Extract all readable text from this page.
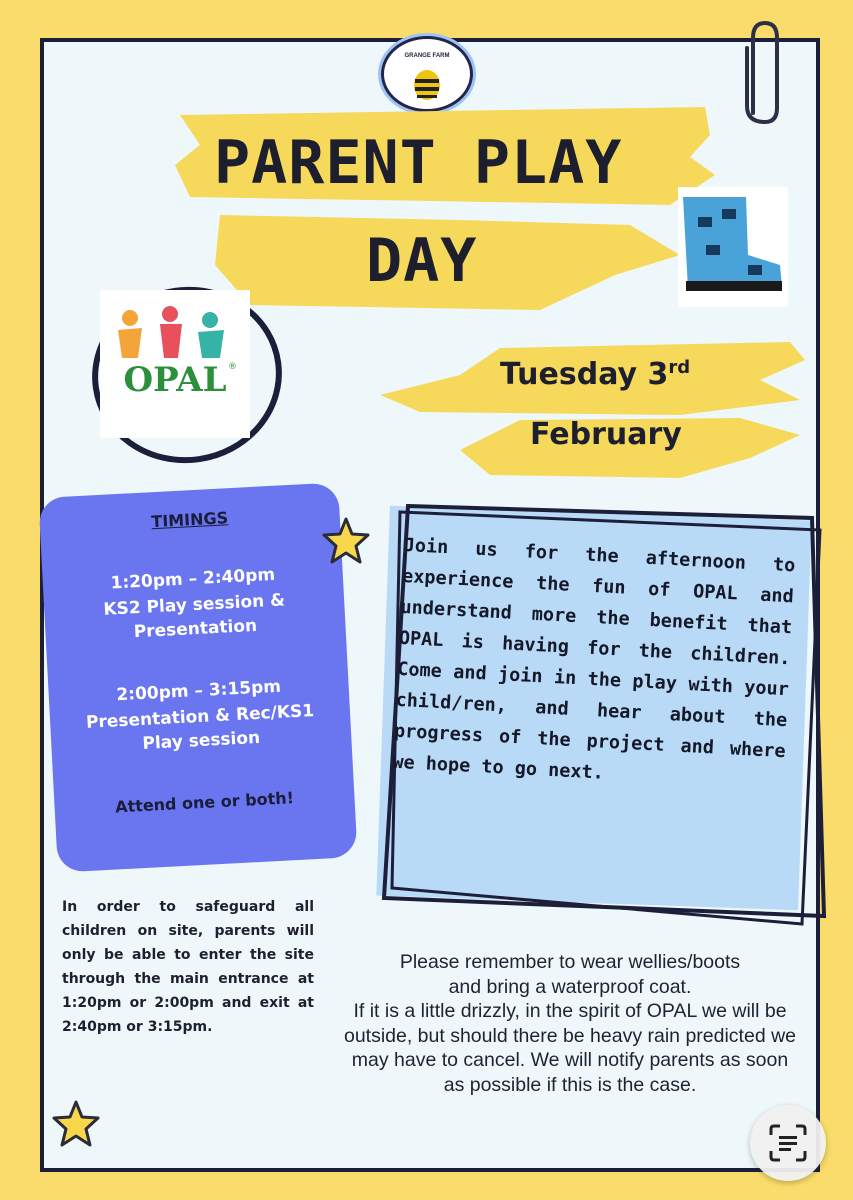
GRANGE FARM
PARENT PLAY
DAY
OPAL ®	Tuesday 3rd
February
TIMINGS
1:20pm – 2:40pm
KS2 Play session & Presentation
2:00pm – 3:15pm
Presentation & Rec/KS1 Play session
Attend one or both!
Join us for the afternoon to experience the fun of OPAL and understand more the benefit that OPAL is having for the children. Come and join in the play with your child/ren, and hear about the progress of the project and where we hope to go next.
In order to safeguard all children on site, parents will only be able to enter the site through the main entrance at 1:20pm or 2:00pm and exit at 2:40pm or 3:15pm.
Please remember to wear wellies/boots
and bring a waterproof coat.
If it is a little drizzly, in the spirit of OPAL we will be outside, but should there be heavy rain predicted we may have to cancel. We will notify parents as soon as possible if this is the case.
